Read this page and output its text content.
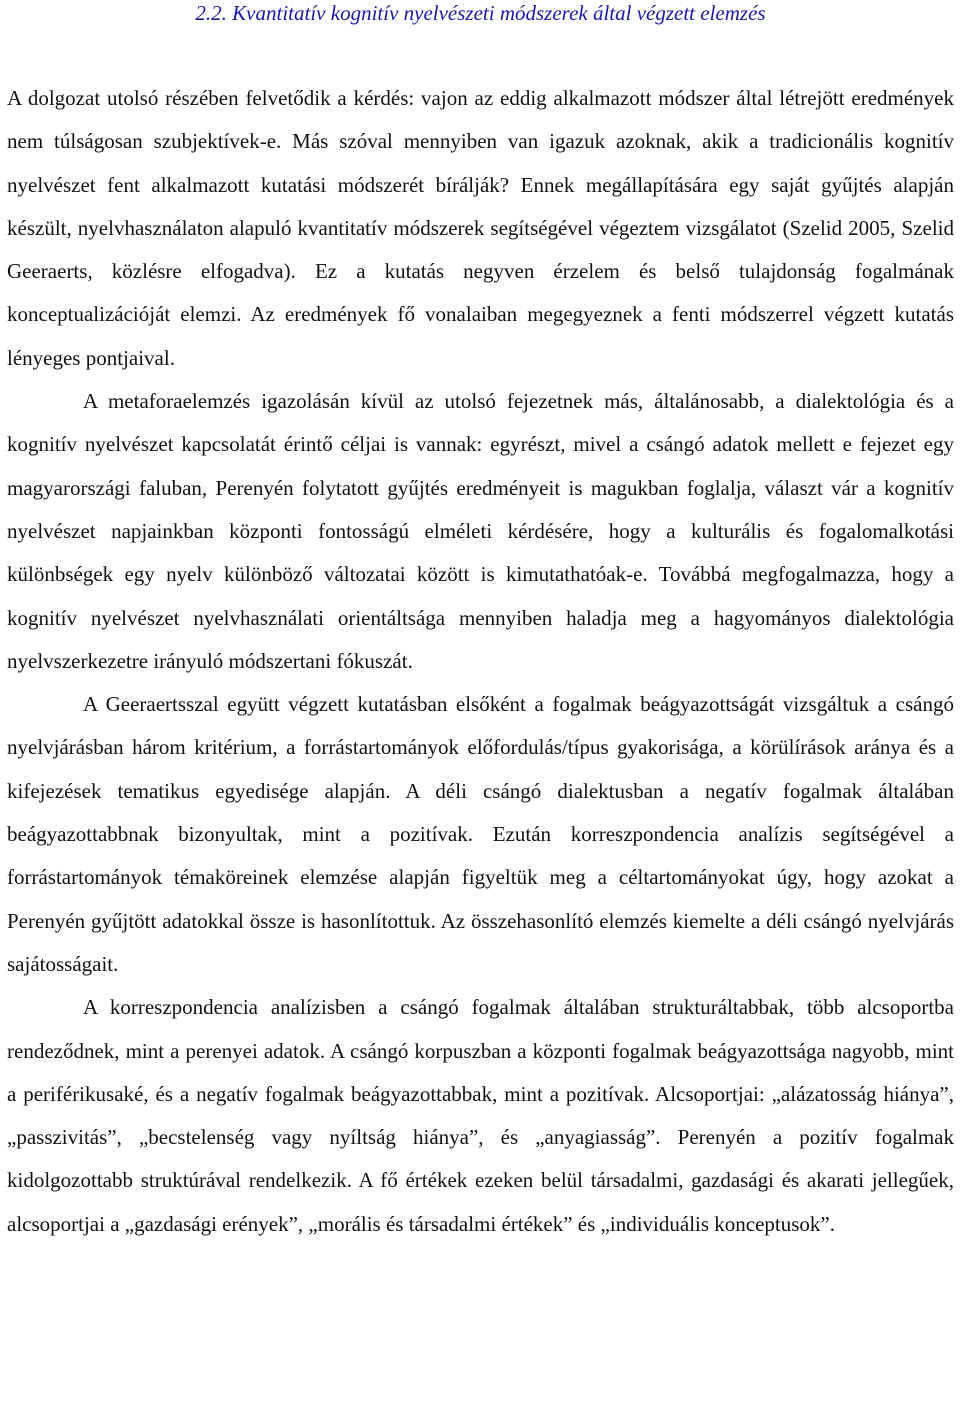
2.2. Kvantitatív kognitív nyelvészeti módszerek által végzett elemzés

A dolgozat utolsó részében felvetődik a kérdés: vajon az eddig alkalmazott módszer által létrejött eredmények nem túlságosan szubjektívek-e. Más szóval mennyiben van igazuk azoknak, akik a tradicionális kognitív nyelvészet fent alkalmazott kutatási módszerét bírálják? Ennek megállapítására egy saját gyűjtés alapján készült, nyelvhasználaton alapuló kvantitatív módszerek segítségével végeztem vizsgálatot (Szelid 2005, Szelid Geeraerts, közlésre elfogadva). Ez a kutatás negyven érzelem és belső tulajdonság fogalmának konceptualizációját elemzi. Az eredmények fő vonalaiban megegyeznek a fenti módszerrel végzett kutatás lényeges pontjaival.

A metaforaelemzés igazolásán kívül az utolsó fejezetnek más, általánosabb, a dialektológia és a kognitív nyelvészet kapcsolatát érintő céljai is vannak: egyrészt, mivel a csángó adatok mellett e fejezet egy magyarországi faluban, Perenyén folytatott gyűjtés eredményeit is magukban foglalja, választ vár a kognitív nyelvészet napjainkban központi fontosságú elméleti kérdésére, hogy a kulturális és fogalomalkotási különbségek egy nyelv különböző változatai között is kimutathatóak-e. Továbbá megfogalmazza, hogy a kognitív nyelvészet nyelvhasználati orientáltsága mennyiben haladja meg a hagyományos dialektológia nyelvszerkezetre irányuló módszertani fókuszát.

A Geeraertsszal együtt végzett kutatásban elsőként a fogalmak beágyazottságát vizsgáltuk a csángó nyelvjárásban három kritérium, a forrástartományok előfordulás/típus gyakorisága, a körülírások aránya és a kifejezések tematikus egyedisége alapján. A déli csángó dialektusban a negatív fogalmak általában beágyazottabbnak bizonyultak, mint a pozitívak. Ezután korreszpondencia analízis segítségével a forrástartományok témaköreinek elemzése alapján figyeltük meg a céltartományokat úgy, hogy azokat a Perenyén gyűjtött adatokkal össze is hasonlítottuk. Az összehasonlító elemzés kiemelte a déli csángó nyelvjárás sajátosságait.

A korreszpondencia analízisben a csángó fogalmak általában strukturáltabbak, több alcsoportba rendeződnek, mint a perenyei adatok. A csángó korpuszban a központi fogalmak beágyazottsága nagyobb, mint a periférikusaké, és a negatív fogalmak beágyazottabbak, mint a pozitívak. Alcsoportjai: „alázatosság hiánya”, „passzivitás”, „becstelenség vagy nyíltság hiánya”, és „anyagiasság”. Perenyén a pozitív fogalmak kidolgozottabb struktúrával rendelkezik. A fő értékek ezeken belül társadalmi, gazdasági és akarati jellegűek, alcsoportjai a „gazdasági erények”, „morális és társadalmi értékek” és „individuális konceptusok”.
